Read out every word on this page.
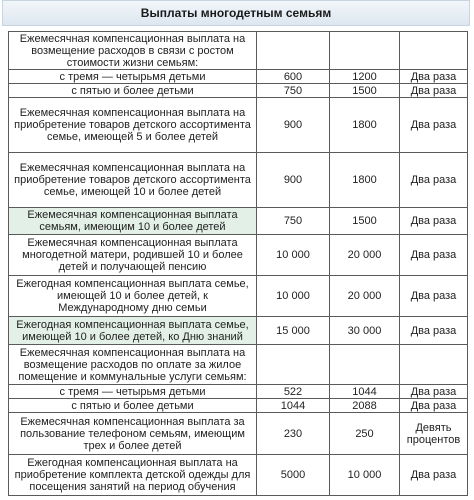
Выплаты многодетным семьям
Ежемесячная компенсационная выплата на возмещение расходов в связи с ростом стоимости жизни семьям:			
с тремя — четырьмя детьми	600	1200	Два раза
с пятью и более детьми	750	1500	Два раза
Ежемесячная компенсационная выплата на приобретение товаров детского ассортимента семье, имеющей 5 и более детей	900	1800	Два раза
Ежемесячная компенсационная выплата на приобретение товаров детского ассортимента семье, имеющей 10 и более детей	900	1800	Два раза
Ежемесячная компенсационная выплата семьям, имеющим 10 и более детей	750	1500	Два раза
Ежемесячная компенсационная выплата многодетной матери, родившей 10 и более детей и получающей пенсию	10 000	20 000	Два раза
Ежегодная компенсационная выплата семье, имеющей 10 и более детей, к Международному дню семьи	10 000	20 000	Два раза
Ежегодная компенсационная выплата семье, имеющей 10 и более детей, ко Дню знаний	15 000	30 000	Два раза
Ежемесячная компенсационная выплата на возмещение расходов по оплате за жилое помещение и коммунальные услуги семьям:			
с тремя — четырьмя детьми	522	1044	Два раза
с пятью и более детьми	1044	2088	Два раза
Ежемесячная компенсационная выплата за пользование телефоном семьям, имеющим трех и более детей	230	250	Девять процентов
Ежегодная компенсационная выплата на приобретение комплекта детской одежды для посещения занятий на период обучения	5000	10 000	Два раза
